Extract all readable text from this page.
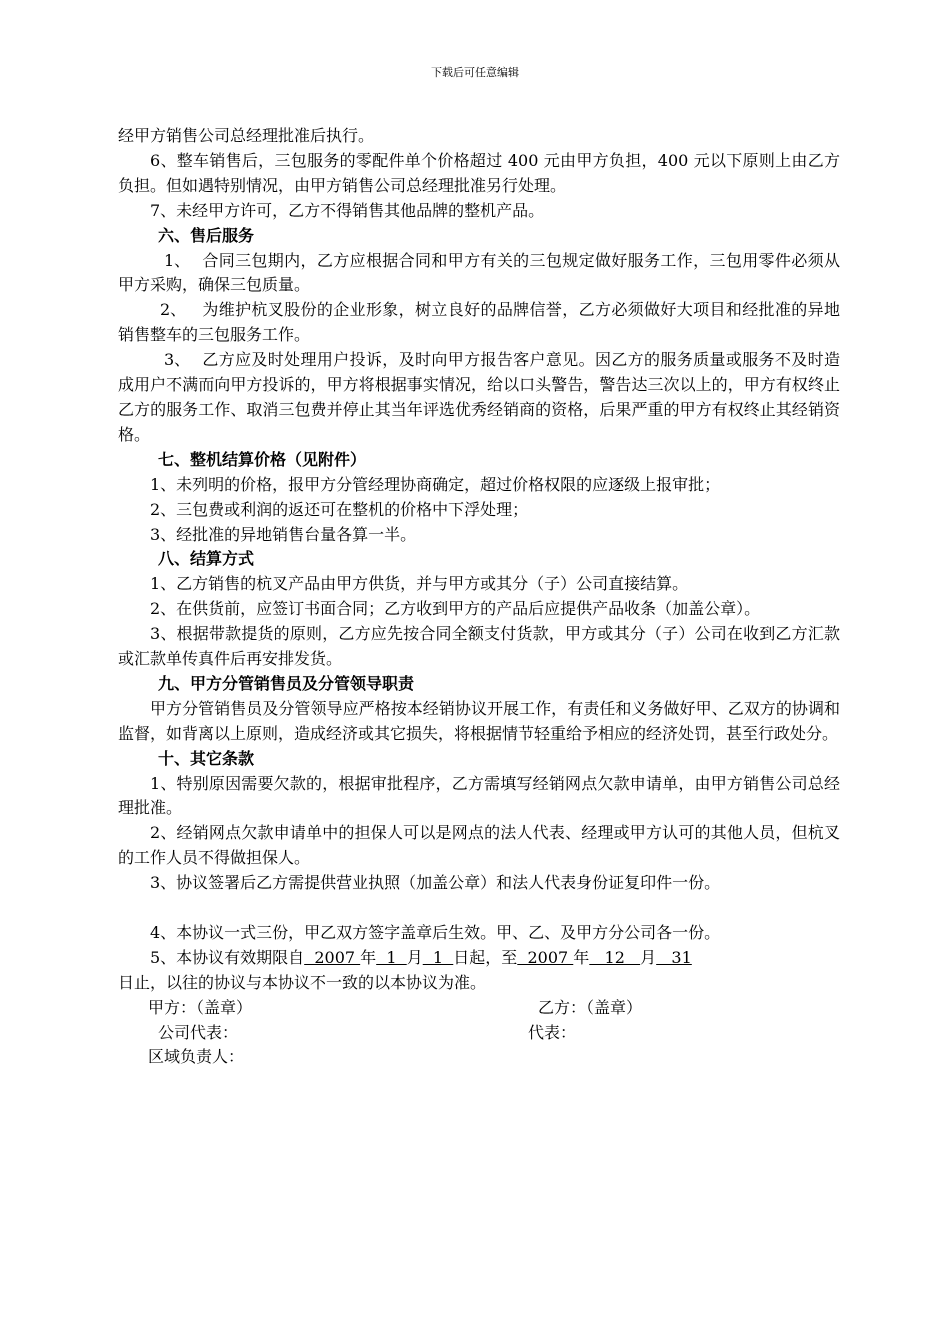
下载后可任意编辑

经甲方销售公司总经理批准后执行。

6、整车销售后，三包服务的零配件单个价格超过 400 元由甲方负担，400 元以下原则上由乙方负担。但如遇特别情况，由甲方销售公司总经理批准另行处理。

7、未经甲方许可，乙方不得销售其他品牌的整机产品。

六、售后服务

1、 合同三包期内，乙方应根据合同和甲方有关的三包规定做好服务工作，三包用零件必须从甲方采购，确保三包质量。

2、 为维护杭叉股份的企业形象，树立良好的品牌信誉，乙方必须做好大项目和经批准的异地销售整车的三包服务工作。

3、 乙方应及时处理用户投诉，及时向甲方报告客户意见。因乙方的服务质量或服务不及时造成用户不满而向甲方投诉的，甲方将根据事实情况，给以口头警告，警告达三次以上的，甲方有权终止乙方的服务工作、取消三包费并停止其当年评选优秀经销商的资格，后果严重的甲方有权终止其经销资格。

七、整机结算价格（见附件）

1、未列明的价格，报甲方分管经理协商确定，超过价格权限的应逐级上报审批；

2、三包费或利润的返还可在整机的价格中下浮处理；

3、经批准的异地销售台量各算一半。

八、结算方式

1、乙方销售的杭叉产品由甲方供货，并与甲方或其分（子）公司直接结算。

2、在供货前，应签订书面合同；乙方收到甲方的产品后应提供产品收条（加盖公章）。

3、根据带款提货的原则，乙方应先按合同全额支付货款，甲方或其分（子）公司在收到乙方汇款或汇款单传真件后再安排发货。

九、甲方分管销售员及分管领导职责

甲方分管销售员及分管领导应严格按本经销协议开展工作，有责任和义务做好甲、乙双方的协调和监督，如背离以上原则，造成经济或其它损失，将根据情节轻重给予相应的经济处罚，甚至行政处分。

十、其它条款

1、特别原因需要欠款的，根据审批程序，乙方需填写经销网点欠款申请单，由甲方销售公司总经理批准。

2、经销网点欠款申请单中的担保人可以是网点的法人代表、经理或甲方认可的其他人员，但杭叉的工作人员不得做担保人。

3、协议签署后乙方需提供营业执照（加盖公章）和法人代表身份证复印件一份。

4、本协议一式三份，甲乙双方签字盖章后生效。甲、乙、及甲方分公司各一份。

5、本协议有效期限自  2007 年  1  月  1  日起，至  2007 年   12   月   31

日止，以往的协议与本协议不一致的以本协议为准。

甲方：（盖章）	乙方：（盖章）
公司代表：	代表：
区域负责人：
